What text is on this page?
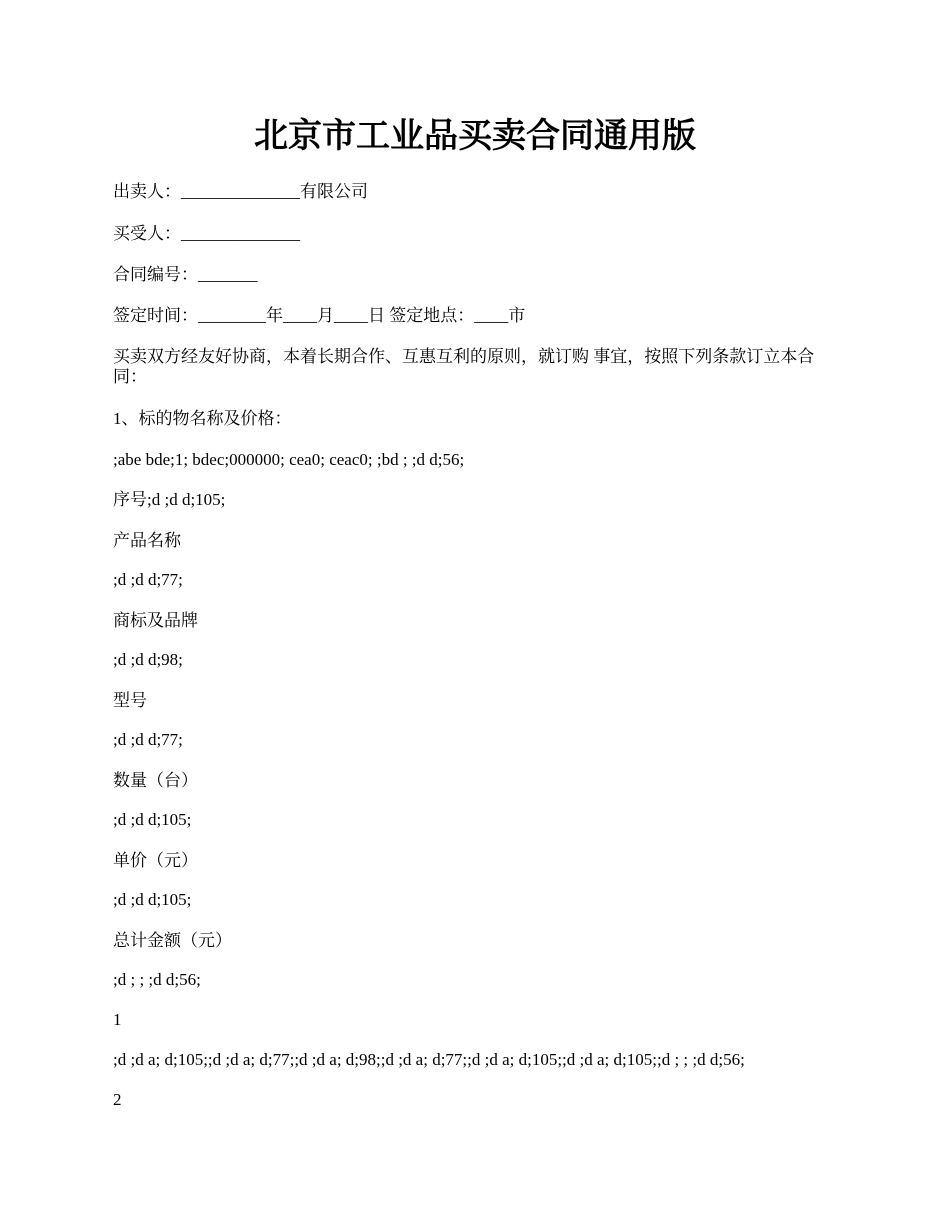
北京市工业品买卖合同通用版
出卖人：______________有限公司
买受人：______________
合同编号：_______
签定时间：________年____月____日 签定地点：____市
买卖双方经友好协商，本着长期合作、互惠互利的原则，就订购 事宜，按照下列条款订立本合同：
1、标的物名称及价格：
;abe bde;1; bdec;000000; cea0; ceac0; ;bd ; ;d d;56;
序号;d ;d d;105;
产品名称
;d ;d d;77;
商标及品牌
;d ;d d;98;
型号
;d ;d d;77;
数量（台）
;d ;d d;105;
单价（元）
;d ;d d;105;
总计金额（元）
;d ; ; ;d d;56;
1
;d ;d a; d;105;;d ;d a; d;77;;d ;d a; d;98;;d ;d a; d;77;;d ;d a; d;105;;d ;d a; d;105;;d ; ; ;d d;56;
2
